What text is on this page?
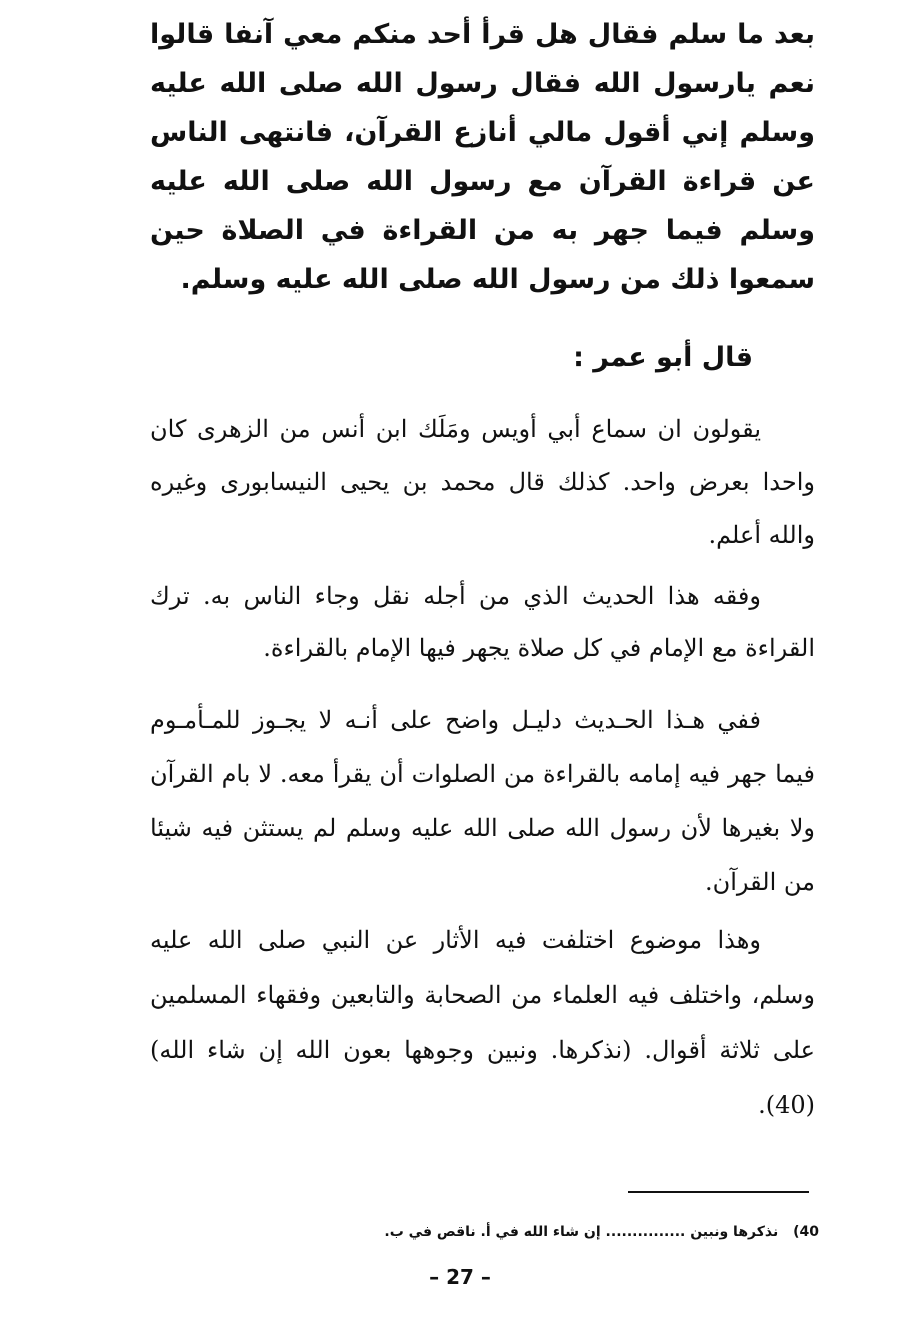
بعد ما سلم فقال هل قرأ أحد منكم معي آنفا قالوا نعم يارسول الله فقال رسول الله صلى الله عليه وسلم إني أقول مالي أنازع القرآن، فانتهى الناس عن قراءة القرآن مع رسول الله صلى الله عليه وسلم فيما جهر به من القراءة في الصلاة حين سمعوا ذلك من رسول الله صلى الله عليه وسلم.
قال أبو عمر :

يقولون ان سماع أبي أويس ومَلَك ابن أنس من الزهرى كان واحدا بعرض واحد. كذلك قال محمد بن يحيى النيسابورى وغيره والله أعلم.

وفقه هذا الحديث الذي من أجله نقل وجاء الناس به. ترك القراءة مع الإمام في كل صلاة يجهر فيها الإمام بالقراءة.

ففي هـذا الحـديث دليـل واضح على أنـه لا يجـوز للمـأمـوم فيما جهر فيه إمامه بالقراءة من الصلوات أن يقرأ معه. لا بام القرآن ولا بغيرها لأن رسول الله صلى الله عليه وسلم لم يستثن فيه شيئا من القرآن.

وهذا موضوع اختلفت فيه الأثار عن النبي صلى الله عليه وسلم، واختلف فيه العلماء من الصحابة والتابعين وفقهاء المسلمين على ثلاثة أقوال. (نذكرها. ونبين وجوهها بعون الله إن شاء الله) (40).

40) نذكرها ونبين ............... إن شاء الله في أ. ناقص في ب.
– 27 –
